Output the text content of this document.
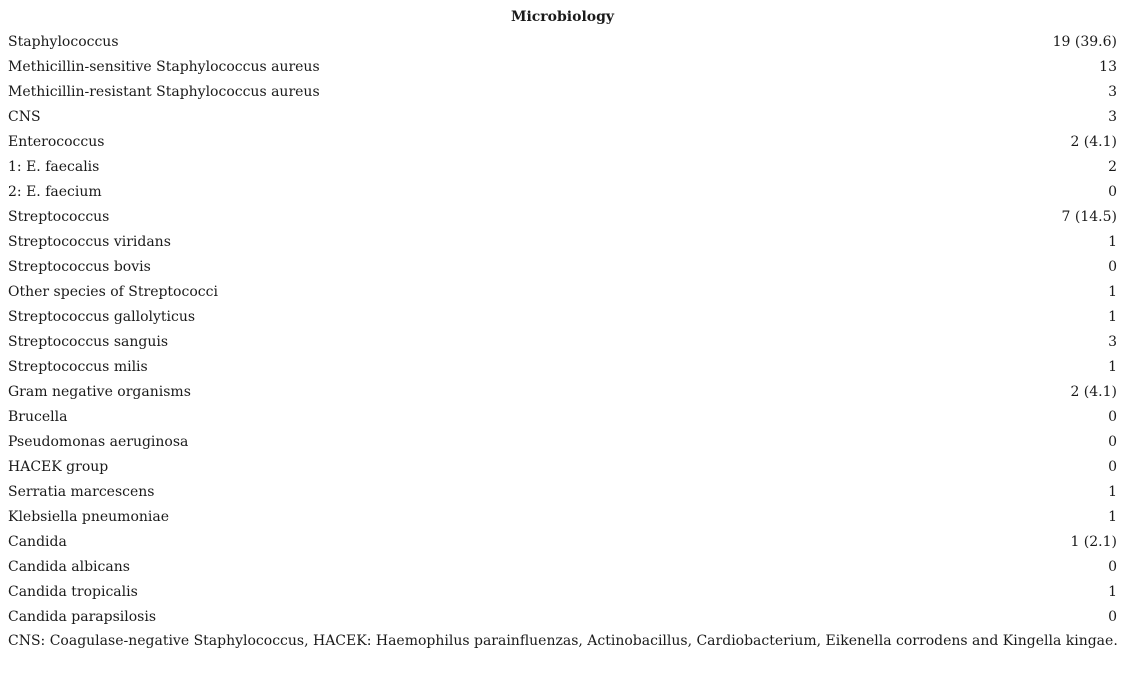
Microbiology
Staphylococcus	19 (39.6)
Methicillin-sensitive Staphylococcus aureus	13
Methicillin-resistant Staphylococcus aureus	3
CNS	3
Enterococcus	2 (4.1)
1: E. faecalis	2
2: E. faecium	0
Streptococcus	7 (14.5)
Streptococcus viridans	1
Streptococcus bovis	0
Other species of Streptococci	1
Streptococcus gallolyticus	1
Streptococcus sanguis	3
Streptococcus milis	1
Gram negative organisms	2 (4.1)
Brucella	0
Pseudomonas aeruginosa	0
HACEK group	0
Serratia marcescens	1
Klebsiella pneumoniae	1
Candida	1 (2.1)
Candida albicans	0
Candida tropicalis	1
Candida parapsilosis	0
CNS: Coagulase-negative Staphylococcus, HACEK: Haemophilus parainfluenzas, Actinobacillus, Cardiobacterium, Eikenella corrodens and Kingella kingae.
